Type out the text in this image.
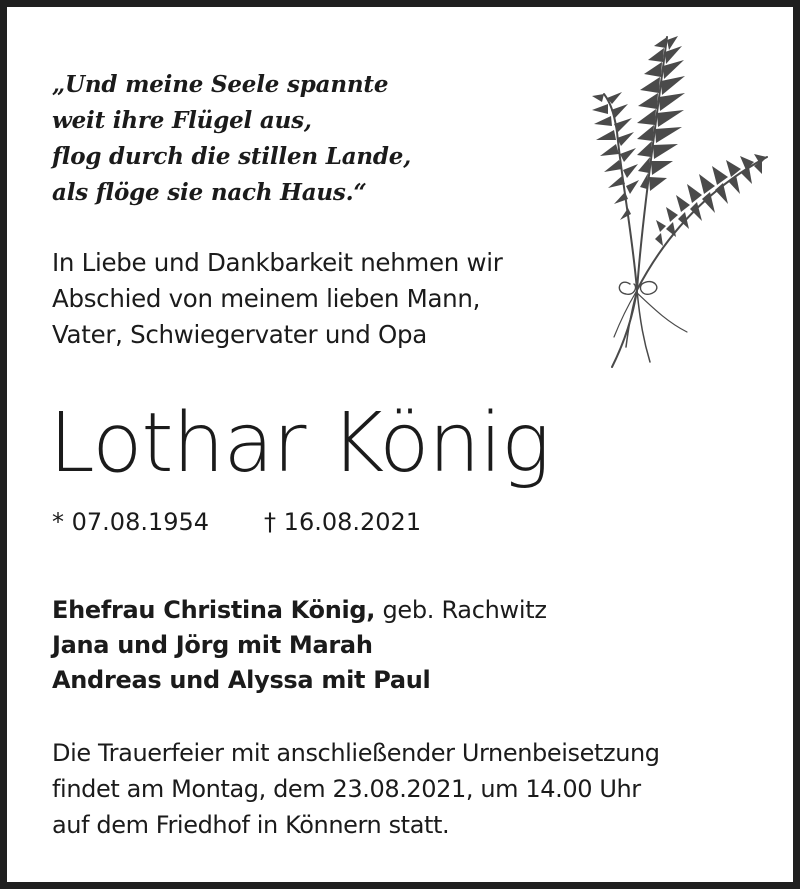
„Und meine Seele spannte
weit ihre Flügel aus,
flog durch die stillen Lande,
als flöge sie nach Haus.“
In Liebe und Dankbarkeit nehmen wir
Abschied von meinem lieben Mann,
Vater, Schwiegervater und Opa
Lothar König
* 07.08.1954 † 16.08.2021
Ehefrau Christina König, geb. Rachwitz
Jana und Jörg mit Marah
Andreas und Alyssa mit Paul
Die Trauerfeier mit anschließender Urnenbeisetzung
findet am Montag, dem 23.08.2021, um 14.00 Uhr
auf dem Friedhof in Könnern statt.
